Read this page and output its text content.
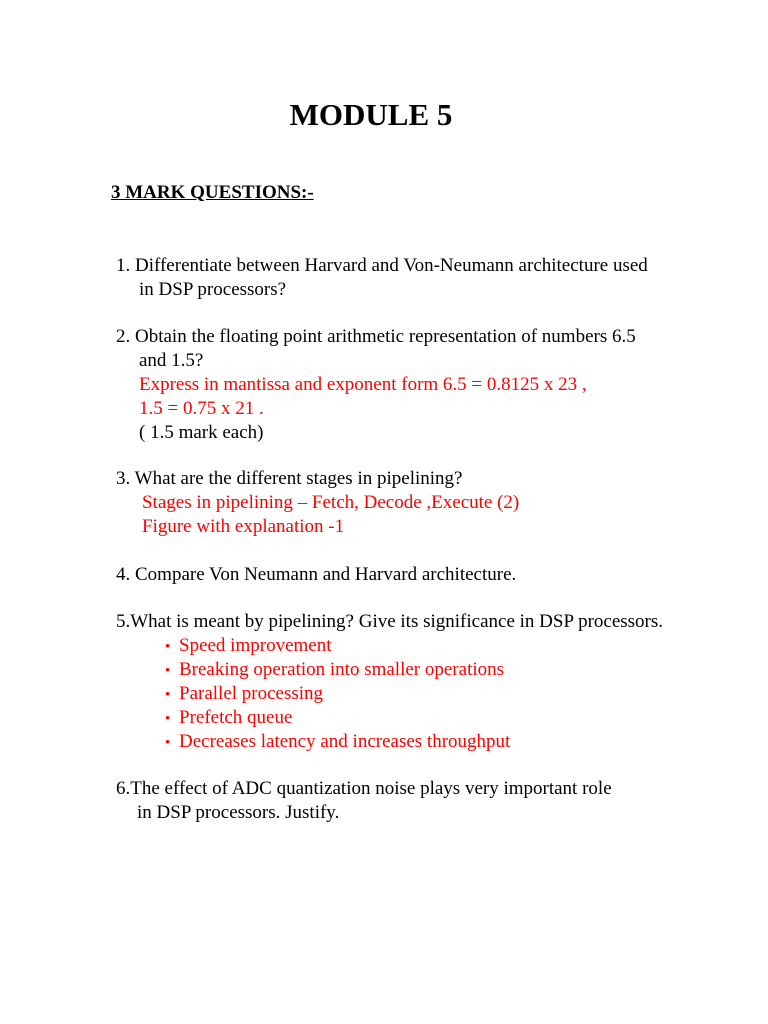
MODULE 5
3 MARK QUESTIONS:-
1. Differentiate between Harvard and Von-Neumann architecture used
in DSP processors?
2. Obtain the floating point arithmetic representation of numbers 6.5
and 1.5?
Express in mantissa and exponent form 6.5 = 0.8125 x 23 ,
1.5 = 0.75 x 21 .
( 1.5 mark each)
3. What are the different stages in pipelining?
Stages in pipelining – Fetch, Decode ,Execute (2)
Figure with explanation -1
4. Compare Von Neumann and Harvard architecture.
5.What is meant by pipelining? Give its significance in DSP processors.
• Speed improvement
• Breaking operation into smaller operations
• Parallel processing
• Prefetch queue
• Decreases latency and increases throughput
6.The effect of ADC quantization noise plays very important role
in DSP processors. Justify.
